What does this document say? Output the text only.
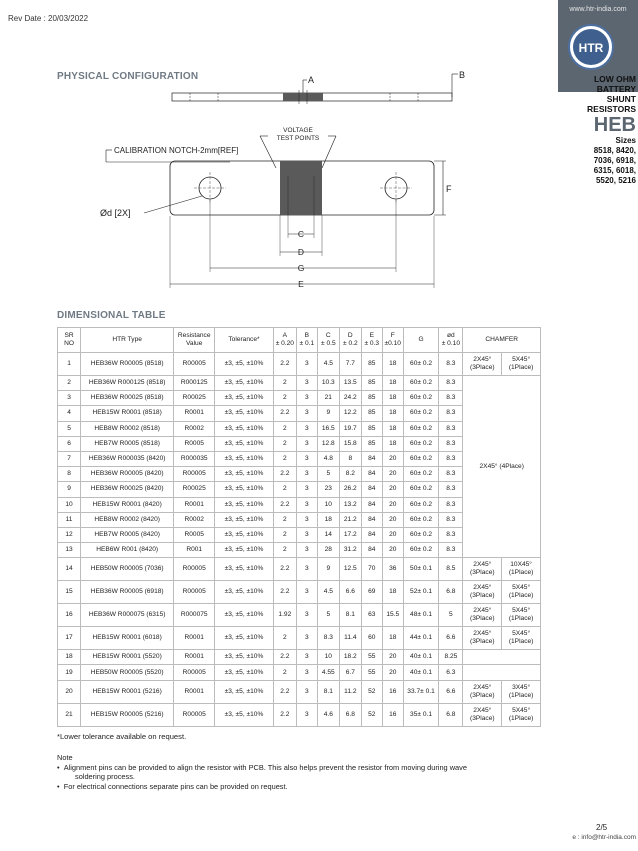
Rev Date : 20/03/2022
www.htr-india.com
HTR
LOW OHM
BATTERY
SHUNT
RESISTORS
HEB
Sizes
8518, 8420,
7036, 6918,
6315, 6018,
5520, 5216
PHYSICAL CONFIGURATION	A	B
VOLTAGE
TEST POINTS
CALIBRATION NOTCH-2mm[REF]
F
Ød [2X]
C
D
G
E
DIMENSIONAL TABLE
SR
NO	HTR Type	Resistance
Value	Tolerance*	A
± 0.20	B
± 0.1	C
± 0.5	D
± 0.2	E
± 0.3	F
±0.10	G	ød
± 0.10	CHAMFER	
1	HEB36W R00005 (8518)	R00005	±3, ±5, ±10%	2.2	3	4.5	7.7	85	18	60± 0.2	8.3	2X45°
(3Place)	5X45°
(1Place)
2	HEB36W R000125 (8518)	R000125	±3, ±5, ±10%	2	3	10.3	13.5	85	18	60± 0.2	8.3	2X45° (4Place)	
3	HEB36W R00025 (8518)	R00025	±3, ±5, ±10%	2	3	21	24.2	85	18	60± 0.2	8.3		
4	HEB15W R0001 (8518)	R0001	±3, ±5, ±10%	2.2	3	9	12.2	85	18	60± 0.2	8.3		
5	HEB8W R0002 (8518)	R0002	±3, ±5, ±10%	2	3	16.5	19.7	85	18	60± 0.2	8.3		
6	HEB7W R0005 (8518)	R0005	±3, ±5, ±10%	2	3	12.8	15.8	85	18	60± 0.2	8.3		
7	HEB36W R000035 (8420)	R000035	±3, ±5, ±10%	2	3	4.8	8	84	20	60± 0.2	8.3		
8	HEB36W R00005 (8420)	R00005	±3, ±5, ±10%	2.2	3	5	8.2	84	20	60± 0.2	8.3		
9	HEB36W R00025 (8420)	R00025	±3, ±5, ±10%	2	3	23	26.2	84	20	60± 0.2	8.3		
10	HEB15W R0001 (8420)	R0001	±3, ±5, ±10%	2.2	3	10	13.2	84	20	60± 0.2	8.3		
11	HEB8W R0002 (8420)	R0002	±3, ±5, ±10%	2	3	18	21.2	84	20	60± 0.2	8.3		
12	HEB7W R0005 (8420)	R0005	±3, ±5, ±10%	2	3	14	17.2	84	20	60± 0.2	8.3		
13	HEB6W R001 (8420)	R001	±3, ±5, ±10%	2	3	28	31.2	84	20	60± 0.2	8.3		
14	HEB50W R00005 (7036)	R00005	±3, ±5, ±10%	2.2	3	9	12.5	70	36	50± 0.1	8.5	2X45°
(3Place)	10X45°
(1Place)
15	HEB36W R00005 (6918)	R00005	±3, ±5, ±10%	2.2	3	4.5	6.6	69	18	52± 0.1	6.8	2X45°
(3Place)	5X45°
(1Place)
16	HEB36W R000075 (6315)	R000075	±3, ±5, ±10%	1.92	3	5	8.1	63	15.5	48± 0.1	5	2X45°
(3Place)	5X45°
(1Place)
17	HEB15W R0001 (6018)	R0001	±3, ±5, ±10%	2	3	8.3	11.4	60	18	44± 0.1	6.6	2X45°
(3Place)	5X45°
(1Place)
18	HEB15W R0001 (5520)	R0001	±3, ±5, ±10%	2.2	3	10	18.2	55	20	40± 0.1	8.25		
19	HEB50W R00005 (5520)	R00005	±3, ±5, ±10%	2	3	4.55	6.7	55	20	40± 0.1	6.3		
20	HEB15W R0001 (5216)	R0001	±3, ±5, ±10%	2.2	3	8.1	11.2	52	16	33.7± 0.1	6.6	2X45°
(3Place)	3X45°
(1Place)
21	HEB15W R00005 (5216)	R00005	±3, ±5, ±10%	2.2	3	4.6	6.8	52	16	35± 0.1	6.8	2X45°
(3Place)	5X45°
(1Place)
*Lower tolerance available on request.
Note
•  Alignment pins can be provided to align the resistor with PCB. This also helps prevent the resistor from moving during wave
soldering process.
•  For electrical connections separate pins can be provided on request.
2/5
e : info@htr-india.com
